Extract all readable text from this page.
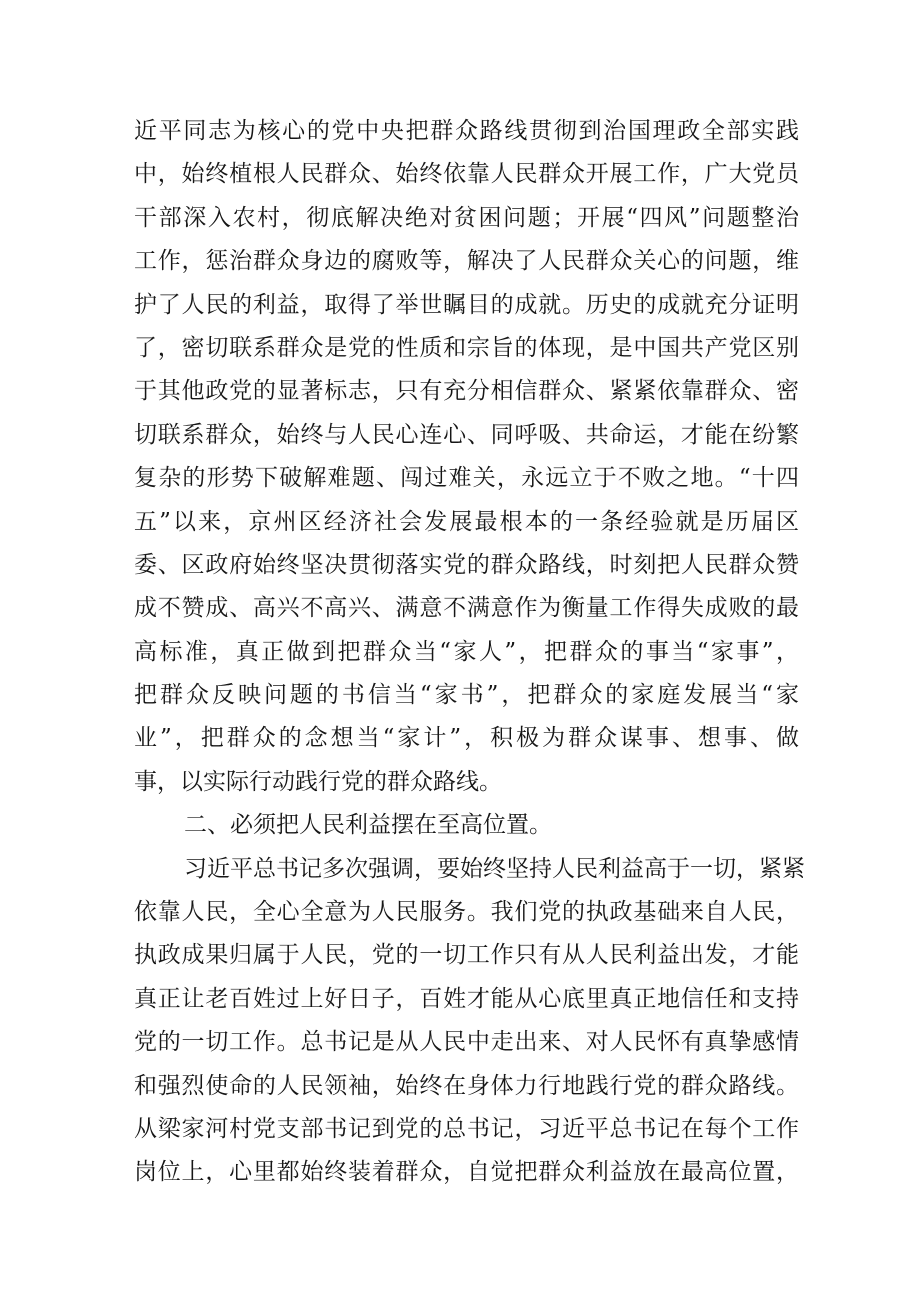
近平同志为核心的党中央把群众路线贯彻到治国理政全部实践
中，始终植根人民群众、始终依靠人民群众开展工作，广大党员
干部深入农村，彻底解决绝对贫困问题；开展“四风”问题整治
工作，惩治群众身边的腐败等，解决了人民群众关心的问题，维
护了人民的利益，取得了举世瞩目的成就。历史的成就充分证明
了，密切联系群众是党的性质和宗旨的体现，是中国共产党区别
于其他政党的显著标志，只有充分相信群众、紧紧依靠群众、密
切联系群众，始终与人民心连心、同呼吸、共命运，才能在纷繁
复杂的形势下破解难题、闯过难关，永远立于不败之地。“十四
五”以来，京州区经济社会发展最根本的一条经验就是历届区
委、区政府始终坚决贯彻落实党的群众路线，时刻把人民群众赞
成不赞成、高兴不高兴、满意不满意作为衡量工作得失成败的最
高标准，真正做到把群众当“家人”，把群众的事当“家事”，
把群众反映问题的书信当“家书”，把群众的家庭发展当“家
业”，把群众的念想当“家计”，积极为群众谋事、想事、做
事，以实际行动践行党的群众路线。
二、必须把人民利益摆在至高位置。
习近平总书记多次强调，要始终坚持人民利益高于一切，紧紧
依靠人民，全心全意为人民服务。我们党的执政基础来自人民，
执政成果归属于人民，党的一切工作只有从人民利益出发，才能
真正让老百姓过上好日子，百姓才能从心底里真正地信任和支持
党的一切工作。总书记是从人民中走出来、对人民怀有真挚感情
和强烈使命的人民领袖，始终在身体力行地践行党的群众路线。
从梁家河村党支部书记到党的总书记，习近平总书记在每个工作
岗位上，心里都始终装着群众，自觉把群众利益放在最高位置，
